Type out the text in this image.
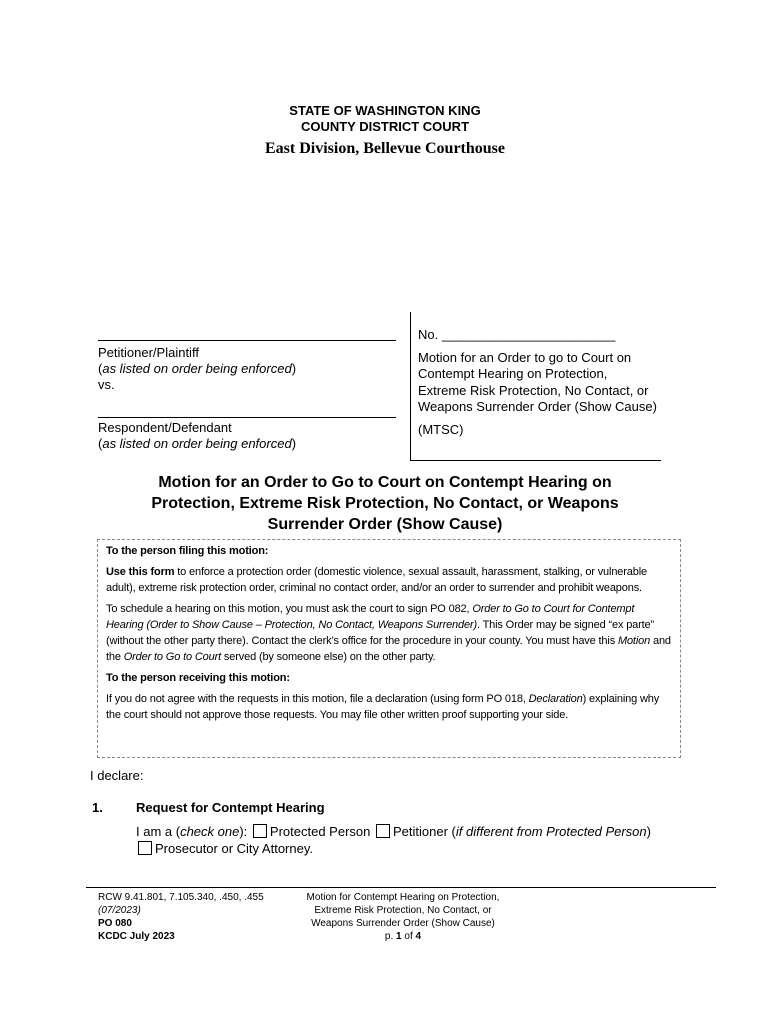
STATE OF WASHINGTON KING
COUNTY DISTRICT COURT
East Division, Bellevue Courthouse
Petitioner/Plaintiff
(as listed on order being enforced)
vs.
Respondent/Defendant
(as listed on order being enforced)
No. ________________________
Motion for an Order to go to Court on Contempt Hearing on Protection, Extreme Risk Protection, No Contact, or Weapons Surrender Order (Show Cause)
(MTSC)
Motion for an Order to Go to Court on Contempt Hearing on
Protection, Extreme Risk Protection, No Contact, or Weapons
Surrender Order (Show Cause)

To the person filing this motion:

Use this form to enforce a protection order (domestic violence, sexual assault, harassment, stalking, or vulnerable adult), extreme risk protection order, criminal no contact order, and/or an order to surrender and prohibit weapons.

To schedule a hearing on this motion, you must ask the court to sign PO 082, Order to Go to Court for Contempt Hearing (Order to Show Cause – Protection, No Contact, Weapons Surrender). This Order may be signed “ex parte” (without the other party there). Contact the clerk’s office for the procedure in your county. You must have this Motion and the Order to Go to Court served (by someone else) on the other party.

To the person receiving this motion:

If you do not agree with the requests in this motion, file a declaration (using form PO 018, Declaration) explaining why the court should not approve those requests. You may file other written proof supporting your side.

I declare:
1.	Request for Contempt Hearing
I am a (check one): Protected Person Petitioner (if different from Protected Person) Prosecutor or City Attorney.
RCW 9.41.801, 7.105.340, .450, .455
(07/2023)
PO 080
KCDC July 2023
Motion for Contempt Hearing on Protection, Extreme Risk Protection, No Contact, or Weapons Surrender Order (Show Cause)
p. 1 of 4
